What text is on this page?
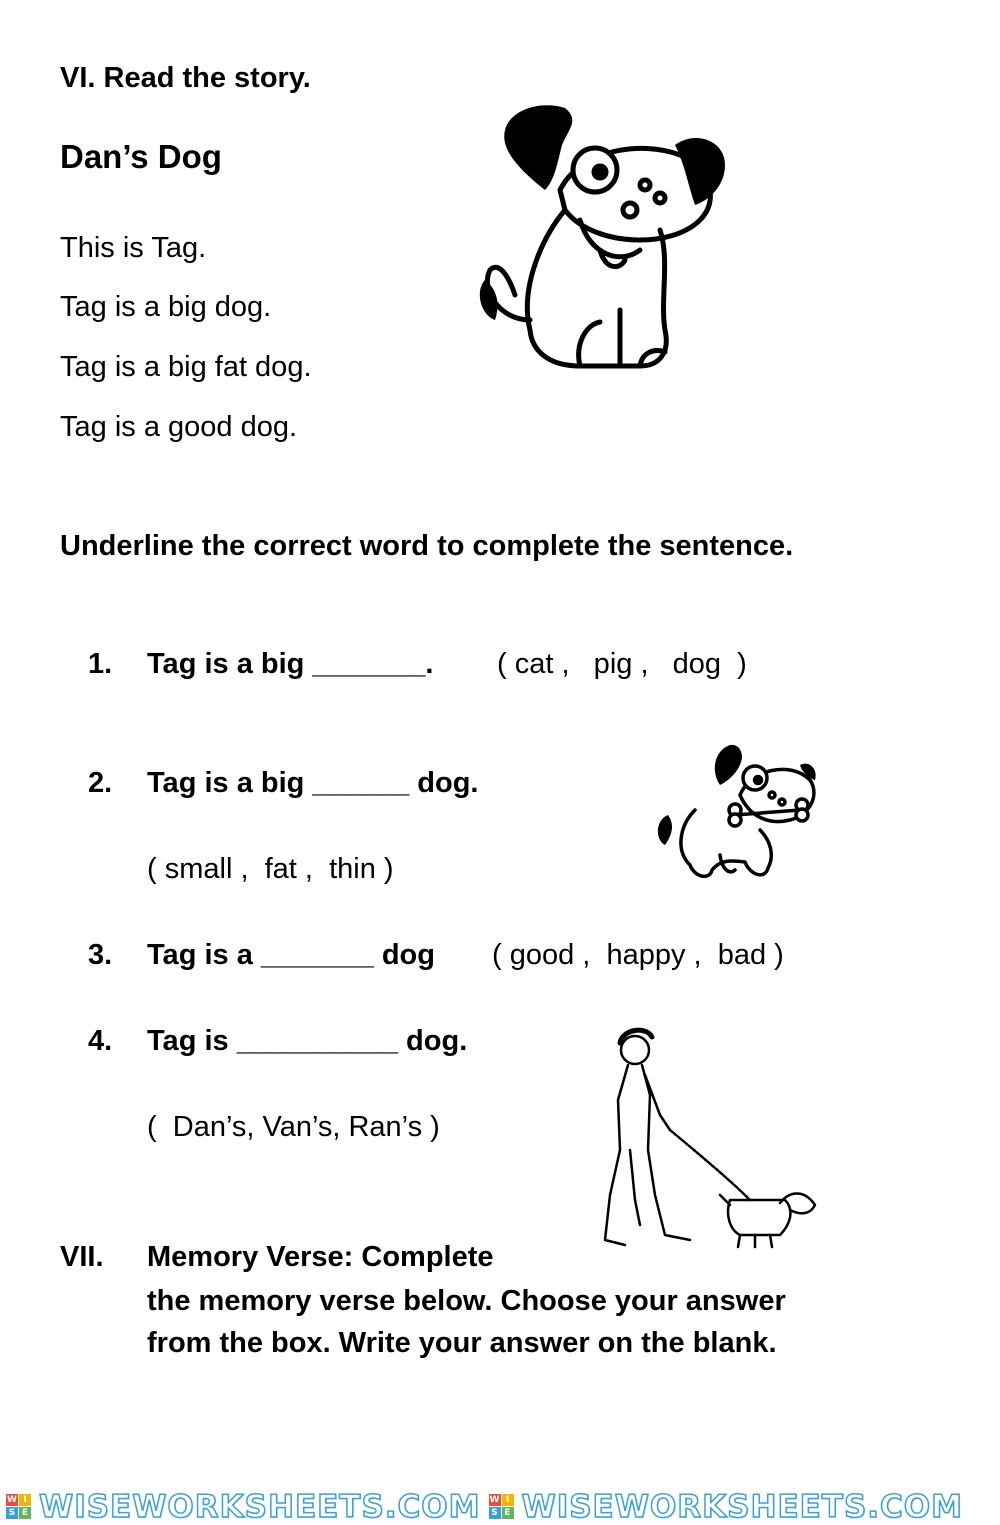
VI. Read the story.
Dan’s Dog
This is Tag.
Tag is a big dog.
Tag is a big fat dog.
Tag is a good dog.
Underline the correct word to complete the sentence.
1. Tag is a big _______. ( cat ,   pig ,   dog  )
2. Tag is a big ______ dog.
( small ,  fat ,  thin )
3. Tag is a _______ dog ( good ,  happy ,  bad )
4. Tag is __________ dog.
(  Dan’s, Van’s, Ran’s )
VII. Memory Verse: Complete
the memory verse below. Choose your answer
from the box. Write your answer on the blank.
W I
S E WISEWORKSHEETS.COM W I
S E WISEWORKSHEETS.COM
